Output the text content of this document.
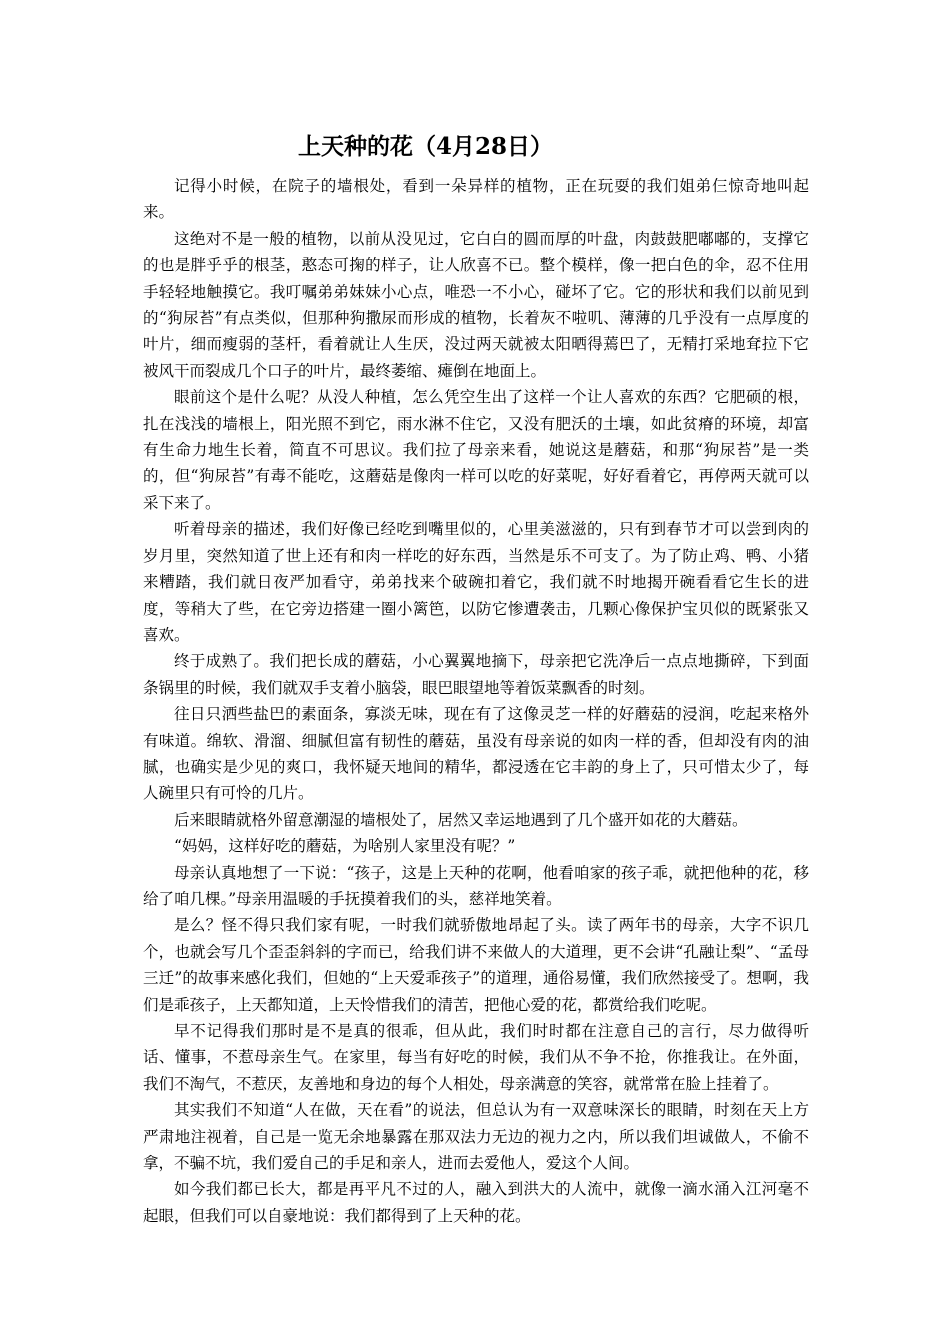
上天种的花（4月28日）

记得小时候，在院子的墙根处，看到一朵异样的植物，正在玩耍的我们姐弟仨惊奇地叫起来。

这绝对不是一般的植物，以前从没见过，它白白的圆而厚的叶盘，肉鼓鼓肥嘟嘟的，支撑它的也是胖乎乎的根茎，憨态可掬的样子，让人欣喜不已。整个模样，像一把白色的伞，忍不住用手轻轻地触摸它。我叮嘱弟弟妹妹小心点，唯恐一不小心，碰坏了它。它的形状和我们以前见到的“狗尿苔”有点类似，但那种狗撒尿而形成的植物，长着灰不啦叽、薄薄的几乎没有一点厚度的叶片，细而瘦弱的茎杆，看着就让人生厌，没过两天就被太阳晒得蔫巴了，无精打采地耷拉下它被风干而裂成几个口子的叶片，最终萎缩、瘫倒在地面上。

眼前这个是什么呢？从没人种植，怎么凭空生出了这样一个让人喜欢的东西？它肥硕的根，扎在浅浅的墙根上，阳光照不到它，雨水淋不住它，又没有肥沃的土壤，如此贫瘠的环境，却富有生命力地生长着，简直不可思议。我们拉了母亲来看，她说这是蘑菇，和那“狗尿苔”是一类的，但“狗尿苔”有毒不能吃，这蘑菇是像肉一样可以吃的好菜呢，好好看着它，再停两天就可以采下来了。

听着母亲的描述，我们好像已经吃到嘴里似的，心里美滋滋的，只有到春节才可以尝到肉的岁月里，突然知道了世上还有和肉一样吃的好东西，当然是乐不可支了。为了防止鸡、鸭、小猪来糟踏，我们就日夜严加看守，弟弟找来个破碗扣着它，我们就不时地揭开碗看看它生长的进度，等稍大了些，在它旁边搭建一圈小篱笆，以防它惨遭袭击，几颗心像保护宝贝似的既紧张又喜欢。

终于成熟了。我们把长成的蘑菇，小心翼翼地摘下，母亲把它洗净后一点点地撕碎，下到面条锅里的时候，我们就双手支着小脑袋，眼巴眼望地等着饭菜飘香的时刻。

往日只洒些盐巴的素面条，寡淡无味，现在有了这像灵芝一样的好蘑菇的浸润，吃起来格外有味道。绵软、滑溜、细腻但富有韧性的蘑菇，虽没有母亲说的如肉一样的香，但却没有肉的油腻，也确实是少见的爽口，我怀疑天地间的精华，都浸透在它丰韵的身上了，只可惜太少了，每人碗里只有可怜的几片。

后来眼睛就格外留意潮湿的墙根处了，居然又幸运地遇到了几个盛开如花的大蘑菇。

“妈妈，这样好吃的蘑菇，为啥别人家里没有呢？”

母亲认真地想了一下说：“孩子，这是上天种的花啊，他看咱家的孩子乖，就把他种的花，移给了咱几棵。”母亲用温暖的手抚摸着我们的头，慈祥地笑着。

是么？怪不得只我们家有呢，一时我们就骄傲地昂起了头。读了两年书的母亲，大字不识几个，也就会写几个歪歪斜斜的字而已，给我们讲不来做人的大道理，更不会讲“孔融让梨”、“孟母三迁”的故事来感化我们，但她的“上天爱乖孩子”的道理，通俗易懂，我们欣然接受了。想啊，我们是乖孩子，上天都知道，上天怜惜我们的清苦，把他心爱的花，都赏给我们吃呢。

早不记得我们那时是不是真的很乖，但从此，我们时时都在注意自己的言行，尽力做得听话、懂事，不惹母亲生气。在家里，每当有好吃的时候，我们从不争不抢，你推我让。在外面，我们不淘气，不惹厌，友善地和身边的每个人相处，母亲满意的笑容，就常常在脸上挂着了。

其实我们不知道“人在做，天在看”的说法，但总认为有一双意味深长的眼睛，时刻在天上方严肃地注视着，自己是一览无余地暴露在那双法力无边的视力之内，所以我们坦诚做人，不偷不拿，不骗不坑，我们爱自己的手足和亲人，进而去爱他人，爱这个人间。

如今我们都已长大，都是再平凡不过的人，融入到洪大的人流中，就像一滴水涌入江河毫不起眼，但我们可以自豪地说：我们都得到了上天种的花。
